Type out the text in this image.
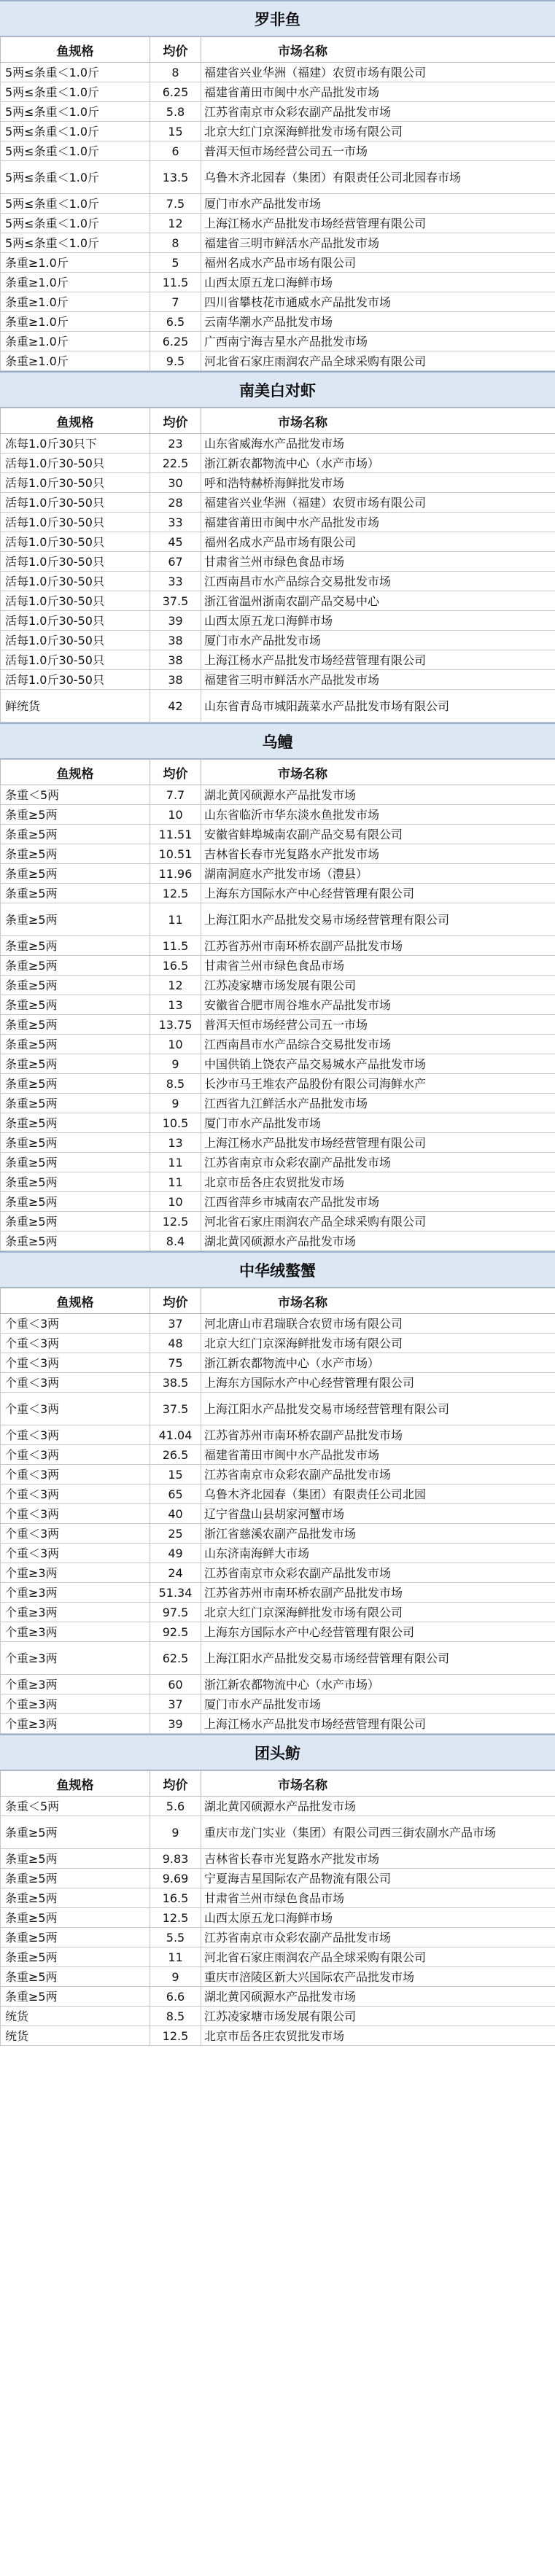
罗非鱼
鱼规格	均价	市场名称
5两≤条重＜1.0斤	8	福建省兴业华洲（福建）农贸市场有限公司
5两≤条重＜1.0斤	6.25	福建省莆田市闽中水产品批发市场
5两≤条重＜1.0斤	5.8	江苏省南京市众彩农副产品批发市场
5两≤条重＜1.0斤	15	北京大红门京深海鲜批发市场有限公司
5两≤条重＜1.0斤	6	普洱天恒市场经营公司五一市场
5两≤条重＜1.0斤	13.5	乌鲁木齐北园春（集团）有限责任公司北园春市场
5两≤条重＜1.0斤	7.5	厦门市水产品批发市场
5两≤条重＜1.0斤	12	上海江杨水产品批发市场经营管理有限公司
5两≤条重＜1.0斤	8	福建省三明市鲜活水产品批发市场
条重≥1.0斤	5	福州名成水产品市场有限公司
条重≥1.0斤	11.5	山西太原五龙口海鲜市场
条重≥1.0斤	7	四川省攀枝花市通威水产品批发市场
条重≥1.0斤	6.5	云南华潮水产品批发市场
条重≥1.0斤	6.25	广西南宁海吉星水产品批发市场
条重≥1.0斤	9.5	河北省石家庄雨润农产品全球采购有限公司
南美白对虾
鱼规格	均价	市场名称
冻每1.0斤30只下	23	山东省威海水产品批发市场
活每1.0斤30-50只	22.5	浙江新农都物流中心（水产市场）
活每1.0斤30-50只	30	呼和浩特赫桥海鲜批发市场
活每1.0斤30-50只	28	福建省兴业华洲（福建）农贸市场有限公司
活每1.0斤30-50只	33	福建省莆田市闽中水产品批发市场
活每1.0斤30-50只	45	福州名成水产品市场有限公司
活每1.0斤30-50只	67	甘肃省兰州市绿色食品市场
活每1.0斤30-50只	33	江西南昌市水产品综合交易批发市场
活每1.0斤30-50只	37.5	浙江省温州浙南农副产品交易中心
活每1.0斤30-50只	39	山西太原五龙口海鲜市场
活每1.0斤30-50只	38	厦门市水产品批发市场
活每1.0斤30-50只	38	上海江杨水产品批发市场经营管理有限公司
活每1.0斤30-50只	38	福建省三明市鲜活水产品批发市场
鲜统货	42	山东省青岛市城阳蔬菜水产品批发市场有限公司
乌鳢
鱼规格	均价	市场名称
条重＜5两	7.7	湖北黄冈硕源水产品批发市场
条重≥5两	10	山东省临沂市华东淡水鱼批发市场
条重≥5两	11.51	安徽省蚌埠城南农副产品交易有限公司
条重≥5两	10.51	吉林省长春市光复路水产批发市场
条重≥5两	11.96	湖南洞庭水产批发市场（澧县）
条重≥5两	12.5	上海东方国际水产中心经营管理有限公司
条重≥5两	11	上海江阳水产品批发交易市场经营管理有限公司
条重≥5两	11.5	江苏省苏州市南环桥农副产品批发市场
条重≥5两	16.5	甘肃省兰州市绿色食品市场
条重≥5两	12	江苏凌家塘市场发展有限公司
条重≥5两	13	安徽省合肥市周谷堆水产品批发市场
条重≥5两	13.75	普洱天恒市场经营公司五一市场
条重≥5两	10	江西南昌市水产品综合交易批发市场
条重≥5两	9	中国供销上饶农产品交易城水产品批发市场
条重≥5两	8.5	长沙市马王堆农产品股份有限公司海鲜水产
条重≥5两	9	江西省九江鲜活水产品批发市场
条重≥5两	10.5	厦门市水产品批发市场
条重≥5两	13	上海江杨水产品批发市场经营管理有限公司
条重≥5两	11	江苏省南京市众彩农副产品批发市场
条重≥5两	11	北京市岳各庄农贸批发市场
条重≥5两	10	江西省萍乡市城南农产品批发市场
条重≥5两	12.5	河北省石家庄雨润农产品全球采购有限公司
条重≥5两	8.4	湖北黄冈硕源水产品批发市场
中华绒螯蟹
鱼规格	均价	市场名称
个重＜3两	37	河北唐山市君瑞联合农贸市场有限公司
个重＜3两	48	北京大红门京深海鲜批发市场有限公司
个重＜3两	75	浙江新农都物流中心（水产市场）
个重＜3两	38.5	上海东方国际水产中心经营管理有限公司
个重＜3两	37.5	上海江阳水产品批发交易市场经营管理有限公司
个重＜3两	41.04	江苏省苏州市南环桥农副产品批发市场
个重＜3两	26.5	福建省莆田市闽中水产品批发市场
个重＜3两	15	江苏省南京市众彩农副产品批发市场
个重＜3两	65	乌鲁木齐北园春（集团）有限责任公司北园
个重＜3两	40	辽宁省盘山县胡家河蟹市场
个重＜3两	25	浙江省慈溪农副产品批发市场
个重＜3两	49	山东济南海鲜大市场
个重≥3两	24	江苏省南京市众彩农副产品批发市场
个重≥3两	51.34	江苏省苏州市南环桥农副产品批发市场
个重≥3两	97.5	北京大红门京深海鲜批发市场有限公司
个重≥3两	92.5	上海东方国际水产中心经营管理有限公司
个重≥3两	62.5	上海江阳水产品批发交易市场经营管理有限公司
个重≥3两	60	浙江新农都物流中心（水产市场）
个重≥3两	37	厦门市水产品批发市场
个重≥3两	39	上海江杨水产品批发市场经营管理有限公司
团头鲂
鱼规格	均价	市场名称
条重＜5两	5.6	湖北黄冈硕源水产品批发市场
条重≥5两	9	重庆市龙门实业（集团）有限公司西三街农副水产品市场
条重≥5两	9.83	吉林省长春市光复路水产批发市场
条重≥5两	9.69	宁夏海吉星国际农产品物流有限公司
条重≥5两	16.5	甘肃省兰州市绿色食品市场
条重≥5两	12.5	山西太原五龙口海鲜市场
条重≥5两	5.5	江苏省南京市众彩农副产品批发市场
条重≥5两	11	河北省石家庄雨润农产品全球采购有限公司
条重≥5两	9	重庆市涪陵区新大兴国际农产品批发市场
条重≥5两	6.6	湖北黄冈硕源水产品批发市场
统货	8.5	江苏凌家塘市场发展有限公司
统货	12.5	北京市岳各庄农贸批发市场
